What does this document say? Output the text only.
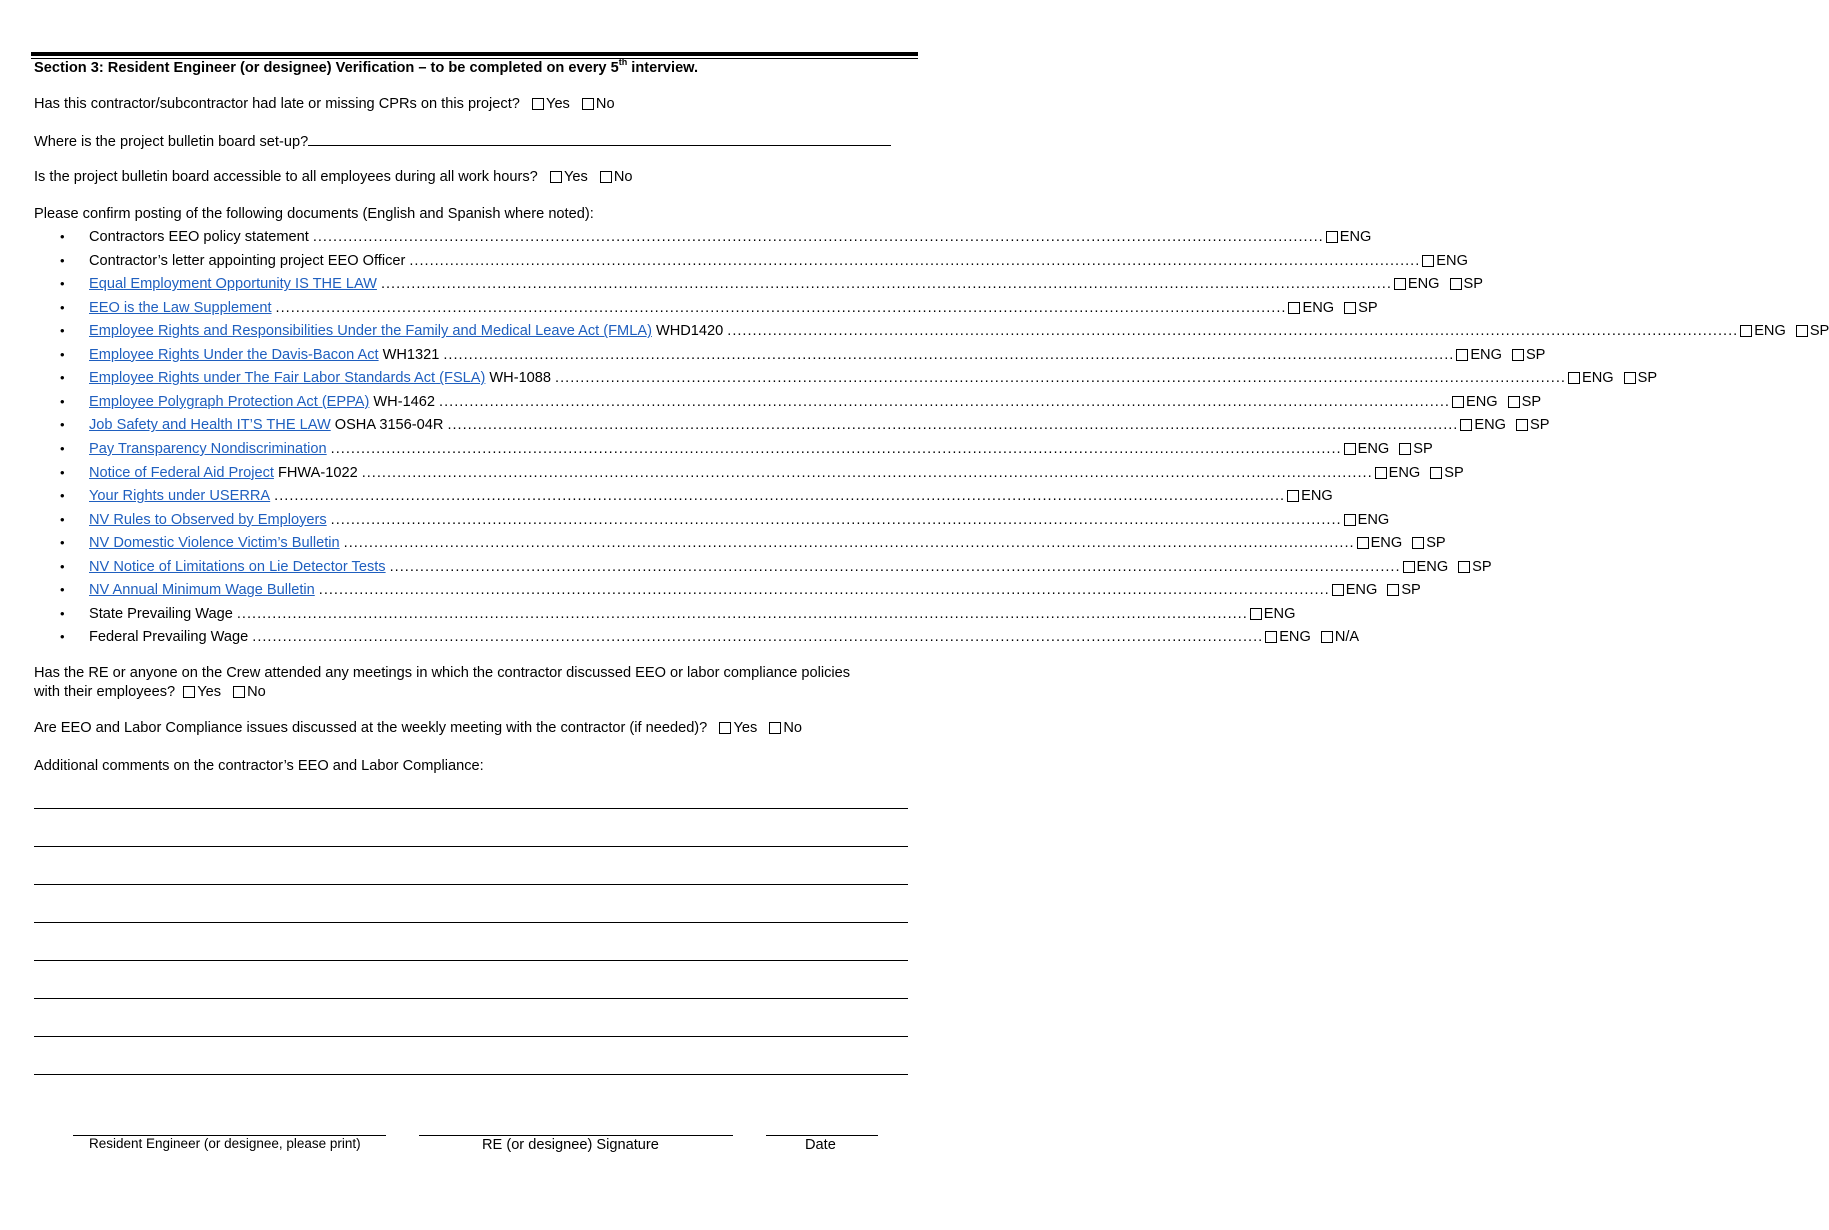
Section 3: Resident Engineer (or designee) Verification – to be completed on every 5th interview.
Has this contractor/subcontractor had late or missing CPRs on this project? Yes No
Where is the project bulletin board set-up?
Is the project bulletin board accessible to all employees during all work hours? Yes No
Please confirm posting of the following documents (English and Spanish where noted):
•	Contractors EEO policy statement ........................................................................................................................................................................................................	ENG
•	Contractor’s letter appointing project EEO Officer ........................................................................................................................................................................................................	ENG
•	Equal Employment Opportunity IS THE LAW ........................................................................................................................................................................................................	ENG	SP
•	EEO is the Law Supplement ........................................................................................................................................................................................................	ENG	SP
•	Employee Rights and Responsibilities Under the Family and Medical Leave Act (FMLA) WHD1420 ........................................................................................................................................................................................................	ENG	SP
•	Employee Rights Under the Davis-Bacon Act WH1321 ........................................................................................................................................................................................................	ENG	SP
•	Employee Rights under The Fair Labor Standards Act (FSLA) WH-1088 ........................................................................................................................................................................................................	ENG	SP
•	Employee Polygraph Protection Act (EPPA) WH-1462 ........................................................................................................................................................................................................	ENG	SP
•	Job Safety and Health IT’S THE LAW OSHA 3156-04R ........................................................................................................................................................................................................	ENG	SP
•	Pay Transparency Nondiscrimination ........................................................................................................................................................................................................	ENG	SP
•	Notice of Federal Aid Project FHWA-1022 ........................................................................................................................................................................................................	ENG	SP
•	Your Rights under USERRA ........................................................................................................................................................................................................	ENG
•	NV Rules to Observed by Employers ........................................................................................................................................................................................................	ENG
•	NV Domestic Violence Victim’s Bulletin ........................................................................................................................................................................................................	ENG	SP
•	NV Notice of Limitations on Lie Detector Tests ........................................................................................................................................................................................................	ENG	SP
•	NV Annual Minimum Wage Bulletin ........................................................................................................................................................................................................	ENG	SP
•	State Prevailing Wage ........................................................................................................................................................................................................	ENG
•	Federal Prevailing Wage ........................................................................................................................................................................................................	ENG	N/A
Has the RE or anyone on the Crew attended any meetings in which the contractor discussed EEO or labor compliance policies
with their employees? Yes No
Are EEO and Labor Compliance issues discussed at the weekly meeting with the contractor (if needed)? Yes No
Additional comments on the contractor’s EEO and Labor Compliance:
Resident Engineer (or designee, please print)	RE (or designee) Signature	Date
